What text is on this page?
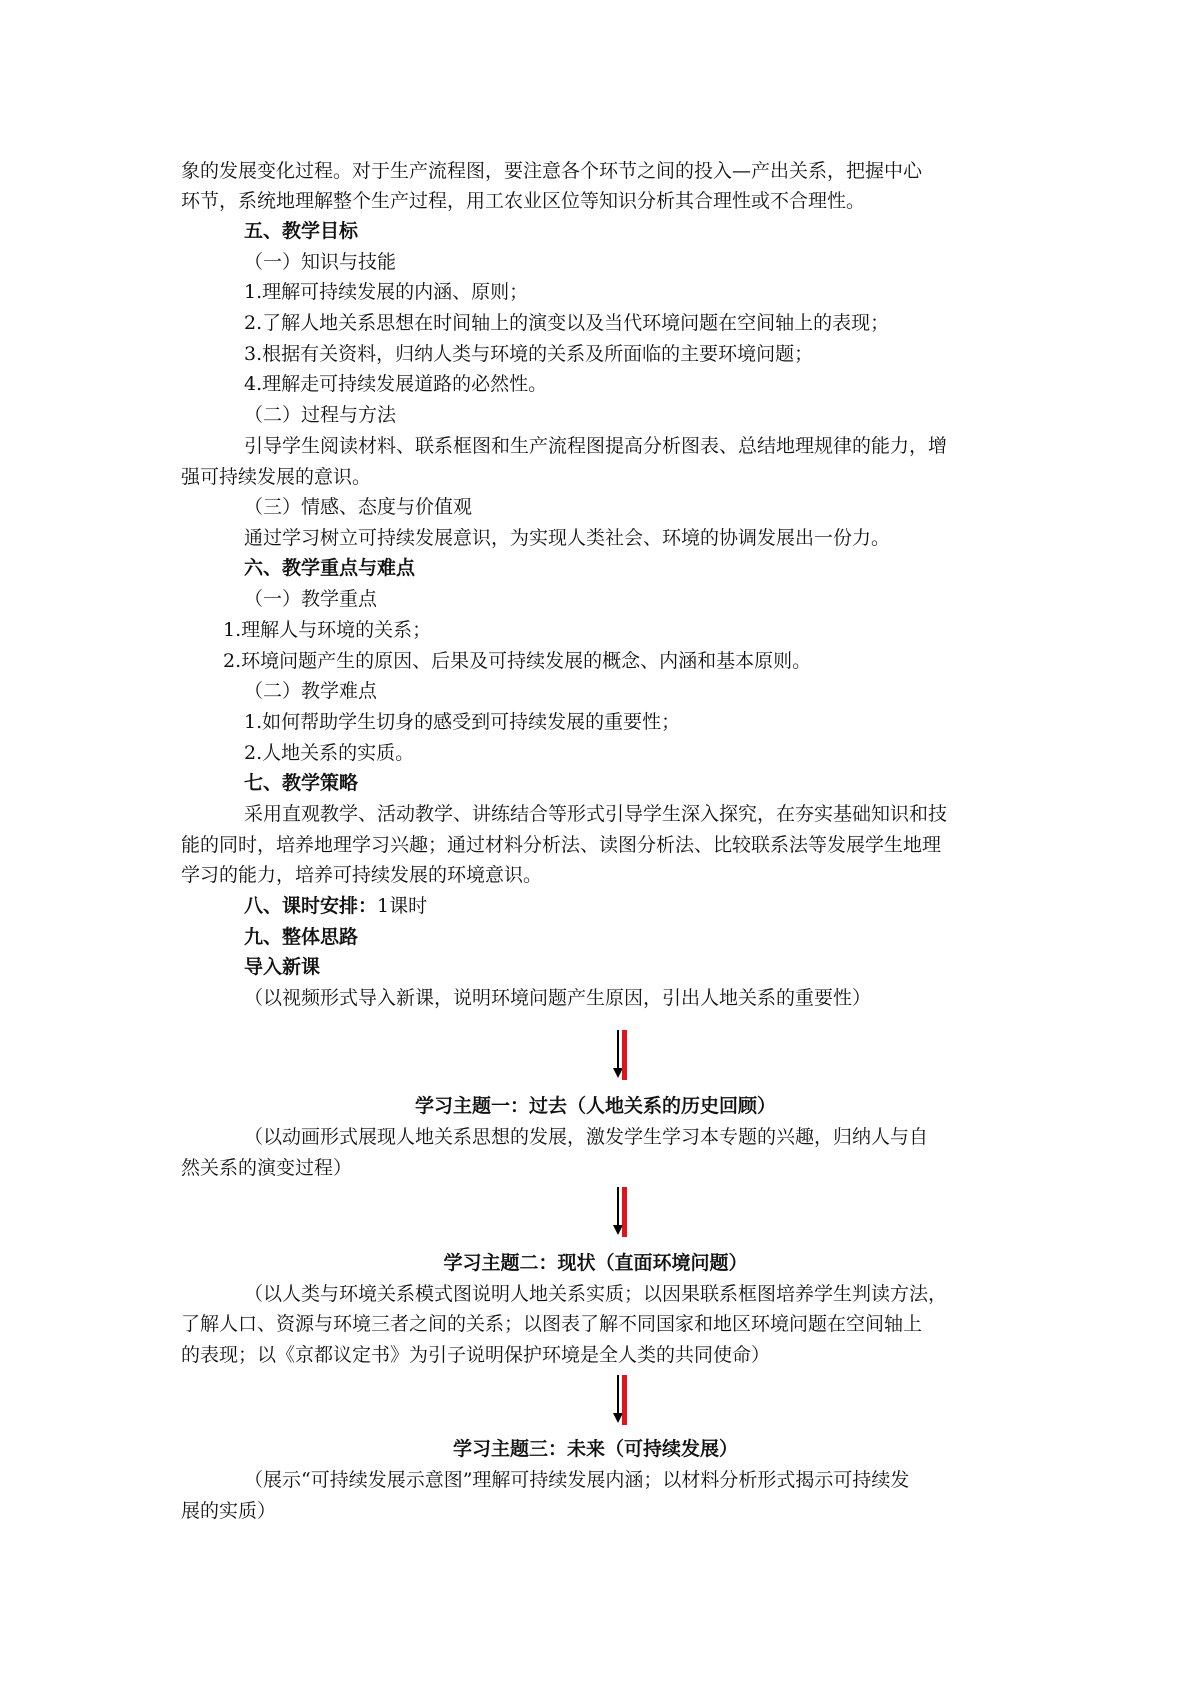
象的发展变化过程。对于生产流程图，要注意各个环节之间的投入—产出关系，把握中心
环节，系统地理解整个生产过程，用工农业区位等知识分析其合理性或不合理性。
五、教学目标
（一）知识与技能
1.理解可持续发展的内涵、原则；
2.了解人地关系思想在时间轴上的演变以及当代环境问题在空间轴上的表现；
3.根据有关资料，归纳人类与环境的关系及所面临的主要环境问题；
4.理解走可持续发展道路的必然性。
（二）过程与方法
引导学生阅读材料、联系框图和生产流程图提高分析图表、总结地理规律的能力，增
强可持续发展的意识。
（三）情感、态度与价值观
通过学习树立可持续发展意识，为实现人类社会、环境的协调发展出一份力。
六、教学重点与难点
（一）教学重点
1.理解人与环境的关系；
2.环境问题产生的原因、后果及可持续发展的概念、内涵和基本原则。
（二）教学难点
1.如何帮助学生切身的感受到可持续发展的重要性；
2.人地关系的实质。
七、教学策略
采用直观教学、活动教学、讲练结合等形式引导学生深入探究，在夯实基础知识和技
能的同时，培养地理学习兴趣；通过材料分析法、读图分析法、比较联系法等发展学生地理
学习的能力，培养可持续发展的环境意识。
八、课时安排：1课时
九、整体思路
导入新课
（以视频形式导入新课，说明环境问题产生原因，引出人地关系的重要性）
学习主题一：过去（人地关系的历史回顾）
（以动画形式展现人地关系思想的发展，激发学生学习本专题的兴趣，归纳人与自
然关系的演变过程）
学习主题二：现状（直面环境问题）
（以人类与环境关系模式图说明人地关系实质；以因果联系框图培养学生判读方法，
了解人口、资源与环境三者之间的关系；以图表了解不同国家和地区环境问题在空间轴上
的表现；以《京都议定书》为引子说明保护环境是全人类的共同使命）
学习主题三：未来（可持续发展）
（展示“可持续发展示意图”理解可持续发展内涵；以材料分析形式揭示可持续发
展的实质）
